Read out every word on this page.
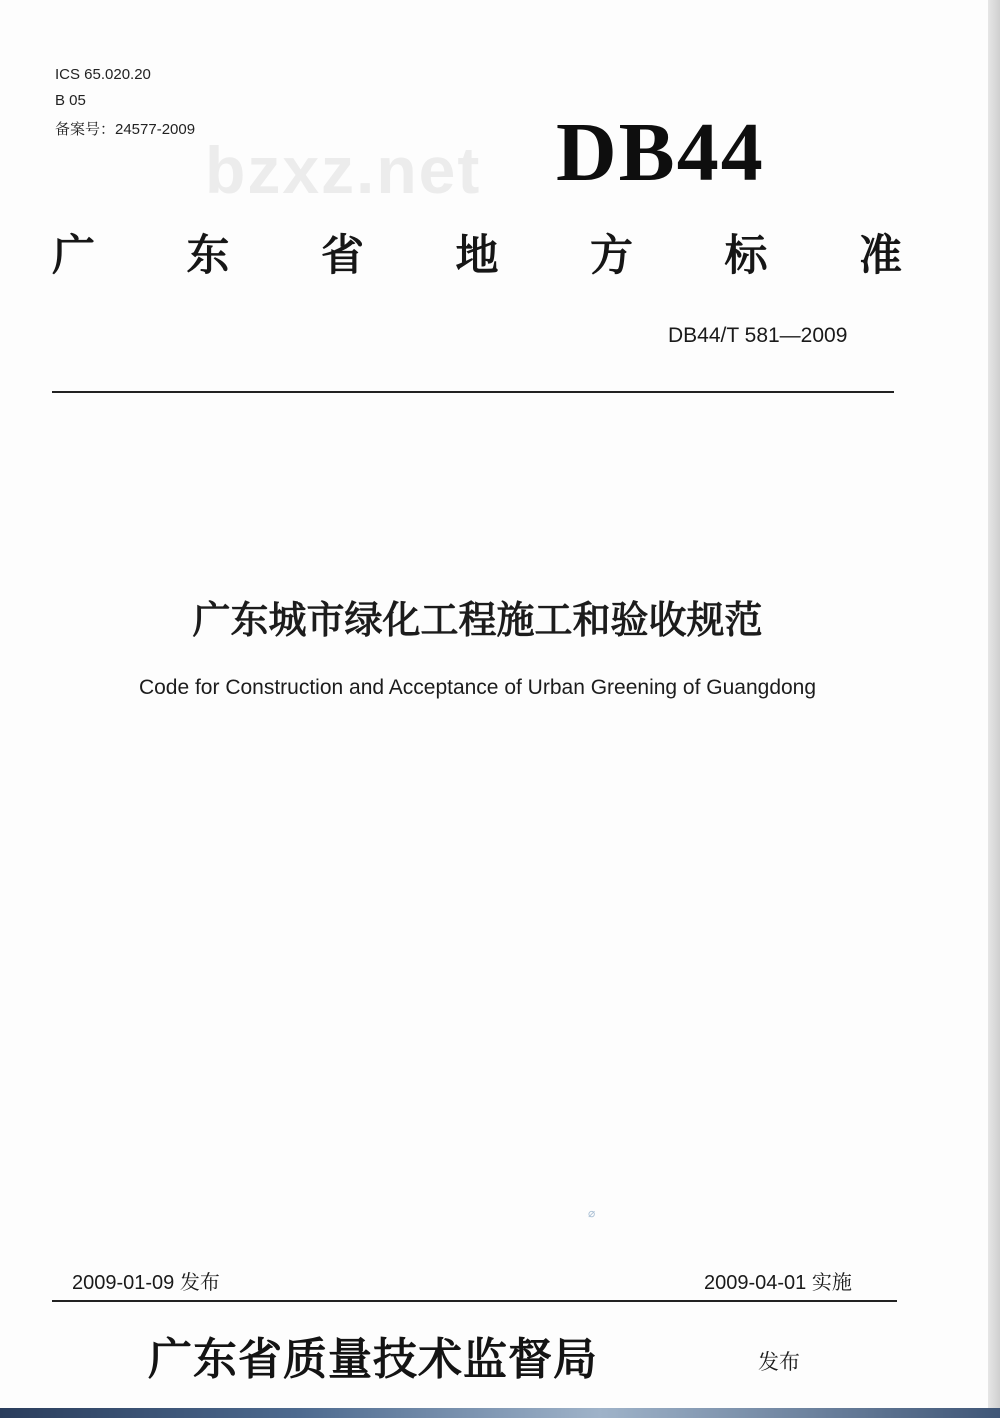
ICS 65.020.20
B 05
备案号：24577-2009
bzxz.net DB44
广 东 省 地 方 标 准
DB44/T 581—2009
广东城市绿化工程施工和验收规范
Code for Construction and Acceptance of Urban Greening of Guangdong
⌀
2009-01-09 发布	2009-04-01 实施
广东省质量技术监督局	发布
